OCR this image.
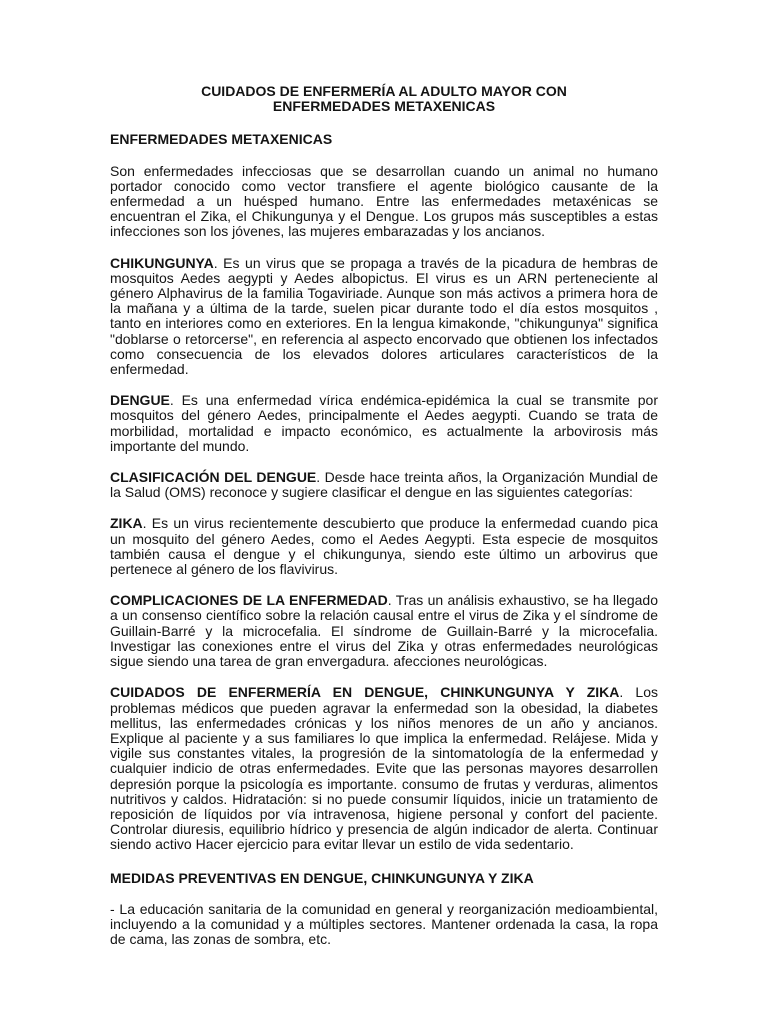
CUIDADOS DE ENFERMERÍA AL ADULTO MAYOR CON
ENFERMEDADES METAXENICAS
ENFERMEDADES METAXENICAS

Son enfermedades infecciosas que se desarrollan cuando un animal no humano portador conocido como vector transfiere el agente biológico causante de la enfermedad a un huésped humano. Entre las enfermedades metaxénicas se encuentran el Zika, el Chikungunya y el Dengue. Los grupos más susceptibles a estas infecciones son los jóvenes, las mujeres embarazadas y los ancianos.

CHIKUNGUNYA. Es un virus que se propaga a través de la picadura de hembras de mosquitos Aedes aegypti y Aedes albopictus. El virus es un ARN perteneciente al género Alphavirus de la familia Togaviriade. Aunque son más activos a primera hora de la mañana y a última de la tarde, suelen picar durante todo el día estos mosquitos , tanto en interiores como en exteriores. En la lengua kimakonde, "chikungunya" significa "doblarse o retorcerse", en referencia al aspecto encorvado que obtienen los infectados como consecuencia de los elevados dolores articulares característicos de la enfermedad.

DENGUE. Es una enfermedad vírica endémica-epidémica la cual se transmite por mosquitos del género Aedes, principalmente el Aedes aegypti. Cuando se trata de morbilidad, mortalidad e impacto económico, es actualmente la arbovirosis más importante del mundo.

CLASIFICACIÓN DEL DENGUE. Desde hace treinta años, la Organización Mundial de la Salud (OMS) reconoce y sugiere clasificar el dengue en las siguientes categorías:

ZIKA. Es un virus recientemente descubierto que produce la enfermedad cuando pica un mosquito del género Aedes, como el Aedes Aegypti. Esta especie de mosquitos también causa el dengue y el chikungunya, siendo este último un arbovirus que pertenece al género de los flavivirus.

COMPLICACIONES DE LA ENFERMEDAD. Tras un análisis exhaustivo, se ha llegado a un consenso científico sobre la relación causal entre el virus de Zika y el síndrome de Guillain-Barré y la microcefalia. El síndrome de Guillain-Barré y la microcefalia. Investigar las conexiones entre el virus del Zika y otras enfermedades neurológicas sigue siendo una tarea de gran envergadura. afecciones neurológicas.

CUIDADOS DE ENFERMERÍA EN DENGUE, CHINKUNGUNYA Y ZIKA. Los problemas médicos que pueden agravar la enfermedad son la obesidad, la diabetes mellitus, las enfermedades crónicas y los niños menores de un año y ancianos. Explique al paciente y a sus familiares lo que implica la enfermedad. Relájese. Mida y vigile sus constantes vitales, la progresión de la sintomatología de la enfermedad y cualquier indicio de otras enfermedades. Evite que las personas mayores desarrollen depresión porque la psicología es importante. consumo de frutas y verduras, alimentos nutritivos y caldos. Hidratación: si no puede consumir líquidos, inicie un tratamiento de reposición de líquidos por vía intravenosa, higiene personal y confort del paciente. Controlar diuresis, equilibrio hídrico y presencia de algún indicador de alerta. Continuar siendo activo Hacer ejercicio para evitar llevar un estilo de vida sedentario.

MEDIDAS PREVENTIVAS EN DENGUE, CHINKUNGUNYA Y ZIKA

- La educación sanitaria de la comunidad en general y reorganización medioambiental, incluyendo a la comunidad y a múltiples sectores. Mantener ordenada la casa, la ropa de cama, las zonas de sombra, etc.
